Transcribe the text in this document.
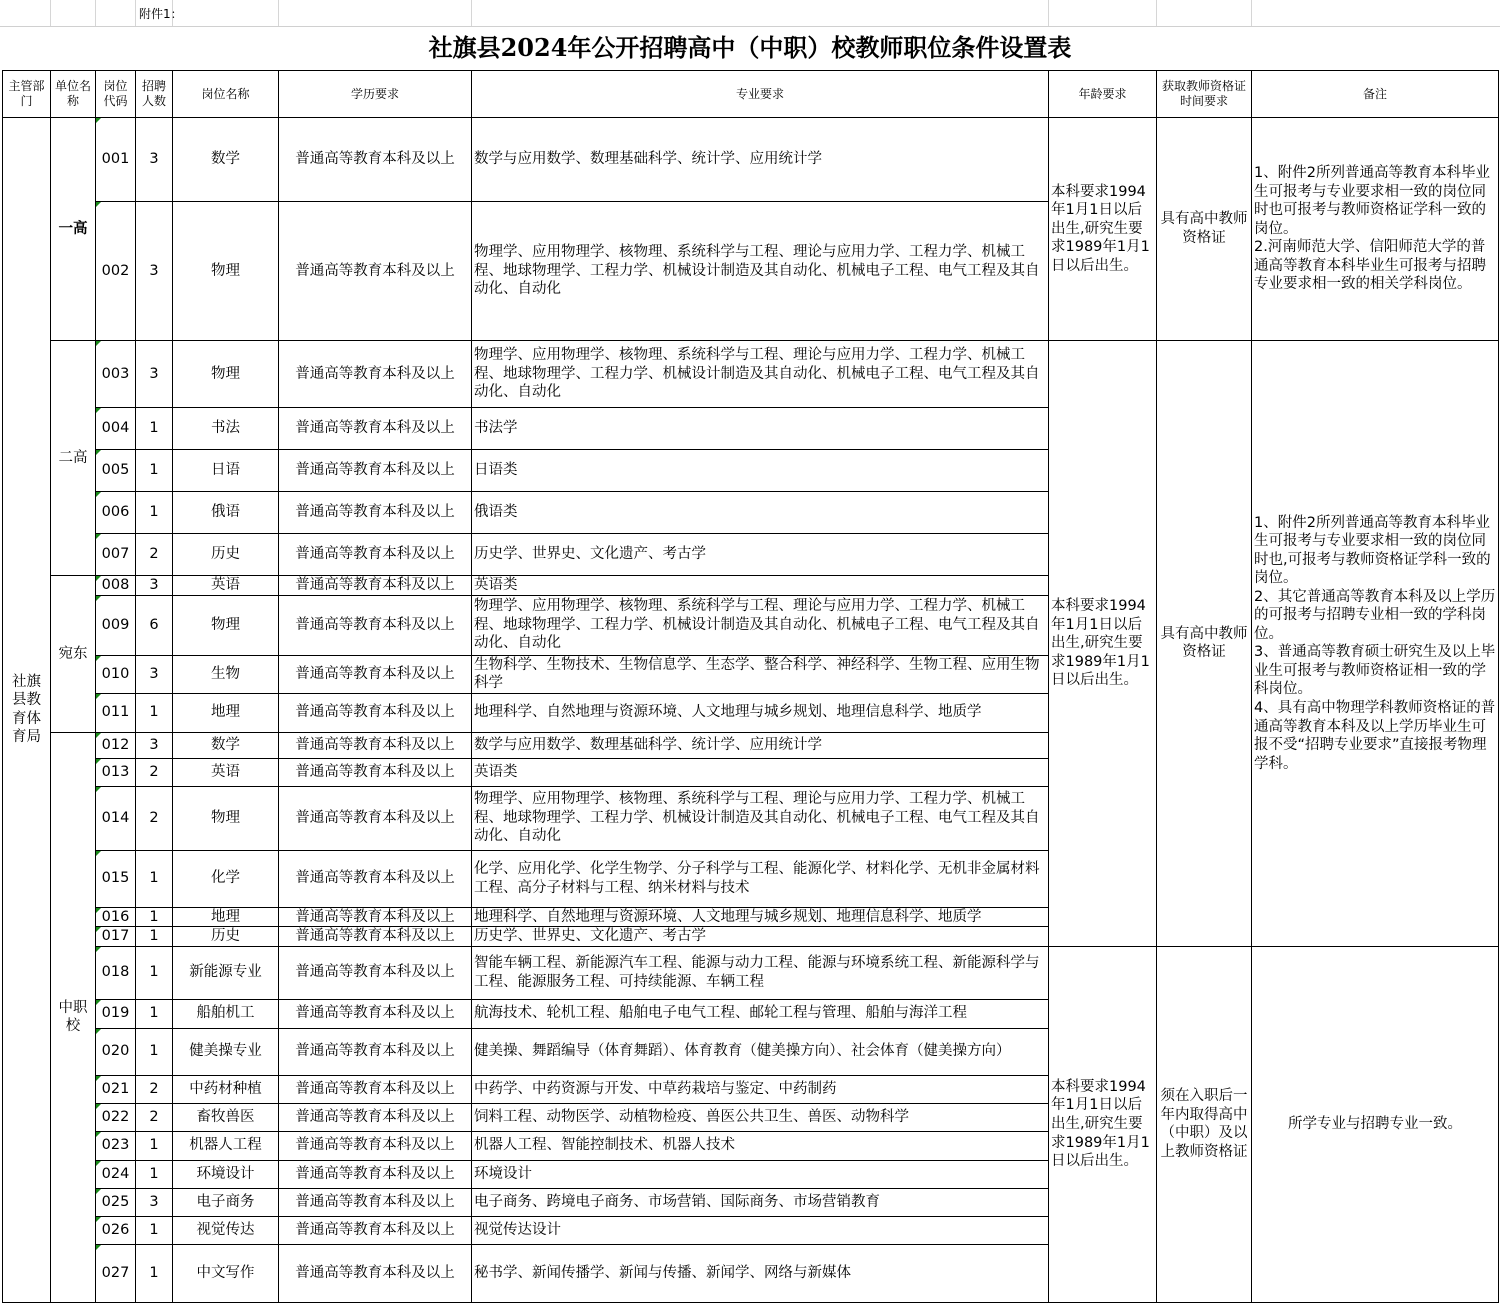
附件1：
社旗县2024年公开招聘高中（中职）校教师职位条件设置表
主管部门	单位名称	岗位代码	招聘人数	岗位名称	学历要求	专业要求	年龄要求	获取教师资格证时间要求	备注
社旗县教育体育局	一高	001	3	数学	普通高等教育本科及以上	数学与应用数学、数理基础科学、统计学、应用统计学	本科要求1994年1月1日以后出生,研究生要求1989年1月1日以后出生。	具有高中教师资格证	1、附件2所列普通高等教育本科毕业生可报考与专业要求相一致的岗位同时也可报考与教师资格证学科一致的岗位。
2.河南师范大学、信阳师范大学的普通高等教育本科毕业生可报考与招聘专业要求相一致的相关学科岗位。

		002	3	物理	普通高等教育本科及以上	物理学、应用物理学、核物理、系统科学与工程、理论与应用力学、工程力学、机械工程、地球物理学、工程力学、机械设计制造及其自动化、机械电子工程、电气工程及其自动化、自动化			
	二高	003	3	物理	普通高等教育本科及以上	物理学、应用物理学、核物理、系统科学与工程、理论与应用力学、工程力学、机械工程、地球物理学、工程力学、机械设计制造及其自动化、机械电子工程、电气工程及其自动化、自动化	本科要求1994年1月1日以后出生,研究生要求1989年1月1日以后出生。	具有高中教师资格证	1、附件2所列普通高等教育本科毕业生可报考与专业要求相一致的岗位同时也,可报考与教师资格证学科一致的岗位。
2、其它普通高等教育本科及以上学历的可报考与招聘专业相一致的学科岗位。
3、普通高等教育硕士研究生及以上毕业生可报考与教师资格证相一致的学科岗位。
4、具有高中物理学科教师资格证的普通高等教育本科及以上学历毕业生可报不受“招聘专业要求”直接报考物理学科。

		004	1	书法	普通高等教育本科及以上	书法学			
		005	1	日语	普通高等教育本科及以上	日语类			
		006	1	俄语	普通高等教育本科及以上	俄语类			
		007	2	历史	普通高等教育本科及以上	历史学、世界史、文化遗产、考古学			
	宛东	008	3	英语	普通高等教育本科及以上	英语类			
		009	6	物理	普通高等教育本科及以上	物理学、应用物理学、核物理、系统科学与工程、理论与应用力学、工程力学、机械工程、地球物理学、工程力学、机械设计制造及其自动化、机械电子工程、电气工程及其自动化、自动化			
		010	3	生物	普通高等教育本科及以上	生物科学、生物技术、生物信息学、生态学、整合科学、神经科学、生物工程、应用生物科学			
		011	1	地理	普通高等教育本科及以上	地理科学、自然地理与资源环境、人文地理与城乡规划、地理信息科学、地质学			
	中职校	012	3	数学	普通高等教育本科及以上	数学与应用数学、数理基础科学、统计学、应用统计学			
		013	2	英语	普通高等教育本科及以上	英语类			
		014	2	物理	普通高等教育本科及以上	物理学、应用物理学、核物理、系统科学与工程、理论与应用力学、工程力学、机械工程、地球物理学、工程力学、机械设计制造及其自动化、机械电子工程、电气工程及其自动化、自动化			
		015	1	化学	普通高等教育本科及以上	化学、应用化学、化学生物学、分子科学与工程、能源化学、材料化学、无机非金属材料工程、高分子材料与工程、纳米材料与技术			
		016	1	地理	普通高等教育本科及以上	地理科学、自然地理与资源环境、人文地理与城乡规划、地理信息科学、地质学			
		017	1	历史	普通高等教育本科及以上	历史学、世界史、文化遗产、考古学			
		018	1	新能源专业	普通高等教育本科及以上	智能车辆工程、新能源汽车工程、能源与动力工程、能源与环境系统工程、新能源科学与工程、能源服务工程、可持续能源、车辆工程	本科要求1994年1月1日以后出生,研究生要求1989年1月1日以后出生。	须在入职后一年内取得高中（中职）及以上教师资格证	所学专业与招聘专业一致。

		019	1	船舶机工	普通高等教育本科及以上	航海技术、轮机工程、船舶电子电气工程、邮轮工程与管理、船舶与海洋工程			
		020	1	健美操专业	普通高等教育本科及以上	健美操、舞蹈编导（体育舞蹈）、体育教育（健美操方向）、社会体育（健美操方向）			
		021	2	中药材种植	普通高等教育本科及以上	中药学、中药资源与开发、中草药栽培与鉴定、中药制药			
		022	2	畜牧兽医	普通高等教育本科及以上	饲料工程、动物医学、动植物检疫、兽医公共卫生、兽医、动物科学			
		023	1	机器人工程	普通高等教育本科及以上	机器人工程、智能控制技术、机器人技术			
		024	1	环境设计	普通高等教育本科及以上	环境设计			
		025	3	电子商务	普通高等教育本科及以上	电子商务、跨境电子商务、市场营销、国际商务、市场营销教育			
		026	1	视觉传达	普通高等教育本科及以上	视觉传达设计			
		027	1	中文写作	普通高等教育本科及以上	秘书学、新闻传播学、新闻与传播、新闻学、网络与新媒体			
